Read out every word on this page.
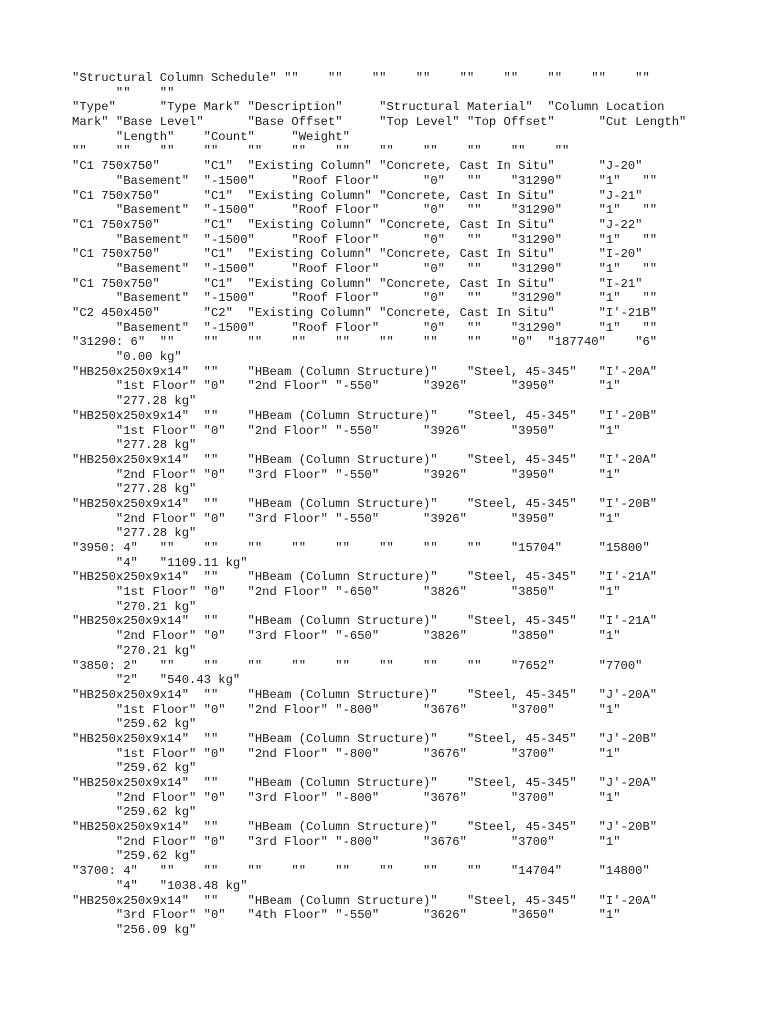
"Structural Column Schedule" ""    ""    ""    ""    ""    ""    ""    ""    ""
""    ""
"Type"      "Type Mark" "Description"     "Structural Material"  "Column Location
Mark" "Base Level"      "Base Offset"     "Top Level" "Top Offset"      "Cut Length"
"Length"    "Count"     "Weight"
""    ""    ""    ""    ""    ""    ""    ""    ""    ""    ""    ""
"C1 750x750"      "C1"  "Existing Column" "Concrete, Cast In Situ"      "J-20"
"Basement"  "-1500"     "Roof Floor"      "0"   ""    "31290"     "1"   ""
"C1 750x750"      "C1"  "Existing Column" "Concrete, Cast In Situ"      "J-21"
"Basement"  "-1500"     "Roof Floor"      "0"   ""    "31290"     "1"   ""
"C1 750x750"      "C1"  "Existing Column" "Concrete, Cast In Situ"      "J-22"
"Basement"  "-1500"     "Roof Floor"      "0"   ""    "31290"     "1"   ""
"C1 750x750"      "C1"  "Existing Column" "Concrete, Cast In Situ"      "I-20"
"Basement"  "-1500"     "Roof Floor"      "0"   ""    "31290"     "1"   ""
"C1 750x750"      "C1"  "Existing Column" "Concrete, Cast In Situ"      "I-21"
"Basement"  "-1500"     "Roof Floor"      "0"   ""    "31290"     "1"   ""
"C2 450x450"      "C2"  "Existing Column" "Concrete, Cast In Situ"      "I'-21B"
"Basement"  "-1500"     "Roof Floor"      "0"   ""    "31290"     "1"   ""
"31290: 6"  ""    ""    ""    ""    ""    ""    ""    ""    "0"  "187740"    "6"
"0.00 kg"
"HB250x250x9x14"  ""    "HBeam (Column Structure)"    "Steel, 45-345"   "I'-20A"
"1st Floor" "0"   "2nd Floor" "-550"      "3926"      "3950"      "1"
"277.28 kg"
"HB250x250x9x14"  ""    "HBeam (Column Structure)"    "Steel, 45-345"   "I'-20B"
"1st Floor" "0"   "2nd Floor" "-550"      "3926"      "3950"      "1"
"277.28 kg"
"HB250x250x9x14"  ""    "HBeam (Column Structure)"    "Steel, 45-345"   "I'-20A"
"2nd Floor" "0"   "3rd Floor" "-550"      "3926"      "3950"      "1"
"277.28 kg"
"HB250x250x9x14"  ""    "HBeam (Column Structure)"    "Steel, 45-345"   "I'-20B"
"2nd Floor" "0"   "3rd Floor" "-550"      "3926"      "3950"      "1"
"277.28 kg"
"3950: 4"   ""    ""    ""    ""    ""    ""    ""    ""    "15704"     "15800"
"4"   "1109.11 kg"
"HB250x250x9x14"  ""    "HBeam (Column Structure)"    "Steel, 45-345"   "I'-21A"
"1st Floor" "0"   "2nd Floor" "-650"      "3826"      "3850"      "1"
"270.21 kg"
"HB250x250x9x14"  ""    "HBeam (Column Structure)"    "Steel, 45-345"   "I'-21A"
"2nd Floor" "0"   "3rd Floor" "-650"      "3826"      "3850"      "1"
"270.21 kg"
"3850: 2"   ""    ""    ""    ""    ""    ""    ""    ""    "7652"      "7700"
"2"   "540.43 kg"
"HB250x250x9x14"  ""    "HBeam (Column Structure)"    "Steel, 45-345"   "J'-20A"
"1st Floor" "0"   "2nd Floor" "-800"      "3676"      "3700"      "1"
"259.62 kg"
"HB250x250x9x14"  ""    "HBeam (Column Structure)"    "Steel, 45-345"   "J'-20B"
"1st Floor" "0"   "2nd Floor" "-800"      "3676"      "3700"      "1"
"259.62 kg"
"HB250x250x9x14"  ""    "HBeam (Column Structure)"    "Steel, 45-345"   "J'-20A"
"2nd Floor" "0"   "3rd Floor" "-800"      "3676"      "3700"      "1"
"259.62 kg"
"HB250x250x9x14"  ""    "HBeam (Column Structure)"    "Steel, 45-345"   "J'-20B"
"2nd Floor" "0"   "3rd Floor" "-800"      "3676"      "3700"      "1"
"259.62 kg"
"3700: 4"   ""    ""    ""    ""    ""    ""    ""    ""    "14704"     "14800"
"4"   "1038.48 kg"
"HB250x250x9x14"  ""    "HBeam (Column Structure)"    "Steel, 45-345"   "I'-20A"
"3rd Floor" "0"   "4th Floor" "-550"      "3626"      "3650"      "1"
"256.09 kg"
